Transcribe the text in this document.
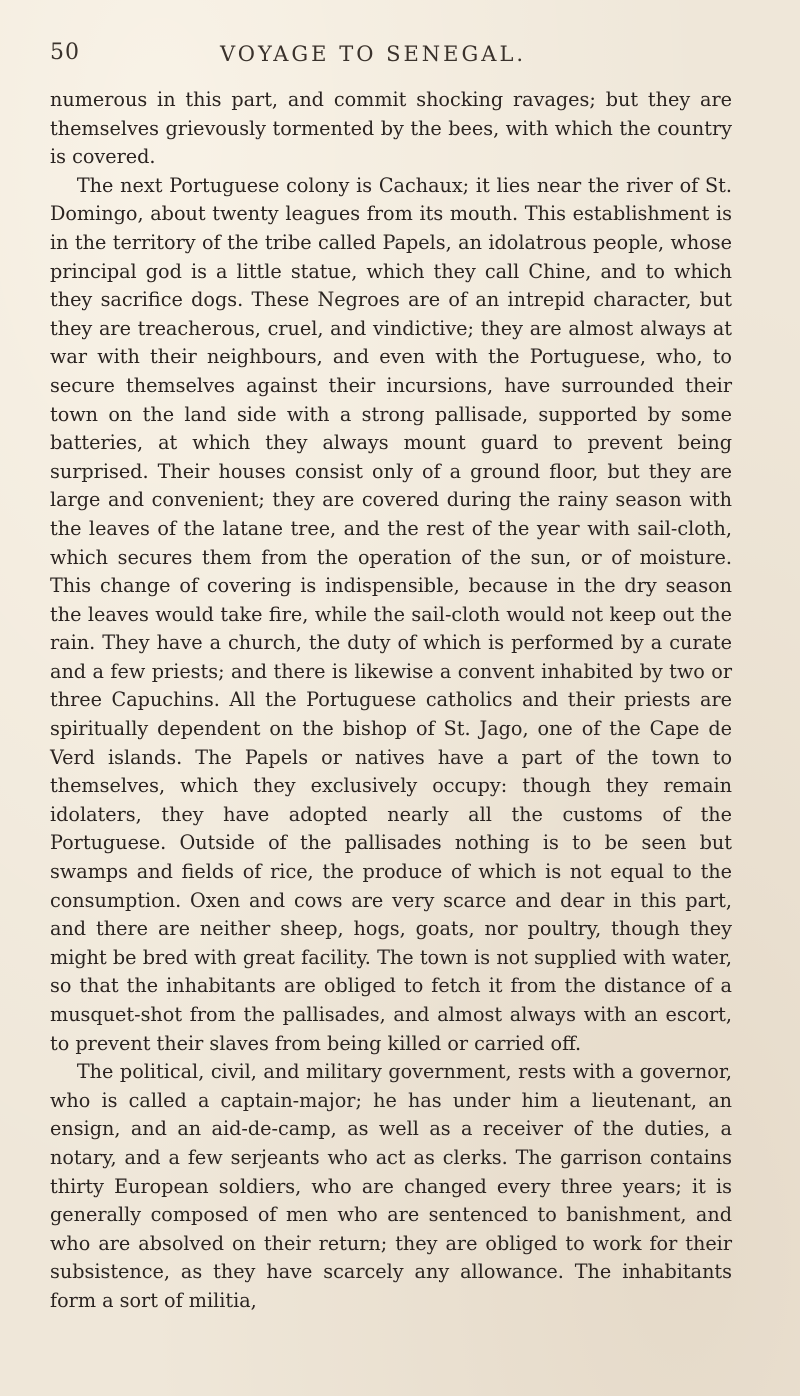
50	VOYAGE TO SENEGAL.

numerous in this part, and commit shocking ravages; but they are themselves grievously tormented by the bees, with which the country is covered.

The next Portuguese colony is Cachaux; it lies near the river of St. Domingo, about twenty leagues from its mouth. This establishment is in the territory of the tribe called Papels, an idolatrous people, whose principal god is a little statue, which they call Chine, and to which they sacrifice dogs. These Negroes are of an intrepid character, but they are treacherous, cruel, and vindictive; they are almost always at war with their neighbours, and even with the Portuguese, who, to secure themselves against their incursions, have surrounded their town on the land side with a strong pallisade, supported by some batteries, at which they always mount guard to prevent being surprised. Their houses consist only of a ground floor, but they are large and convenient; they are covered during the rainy season with the leaves of the latane tree, and the rest of the year with sail-cloth, which secures them from the operation of the sun, or of moisture. This change of covering is indispensible, because in the dry season the leaves would take fire, while the sail-cloth would not keep out the rain. They have a church, the duty of which is performed by a curate and a few priests; and there is likewise a convent inhabited by two or three Capuchins. All the Portuguese catholics and their priests are spiritually dependent on the bishop of St. Jago, one of the Cape de Verd islands. The Papels or natives have a part of the town to themselves, which they exclusively occupy: though they remain idolaters, they have adopted nearly all the customs of the Portuguese. Outside of the pallisades nothing is to be seen but swamps and fields of rice, the produce of which is not equal to the consumption. Oxen and cows are very scarce and dear in this part, and there are neither sheep, hogs, goats, nor poultry, though they might be bred with great facility. The town is not supplied with water, so that the inhabitants are obliged to fetch it from the distance of a musquet-shot from the pallisades, and almost always with an escort, to prevent their slaves from being killed or carried off.

The political, civil, and military government, rests with a governor, who is called a captain-major; he has under him a lieutenant, an ensign, and an aid-de-camp, as well as a receiver of the duties, a notary, and a few serjeants who act as clerks. The garrison contains thirty European soldiers, who are changed every three years; it is generally composed of men who are sentenced to banishment, and who are absolved on their return; they are obliged to work for their subsistence, as they have scarcely any allowance. The inhabitants form a sort of militia,
